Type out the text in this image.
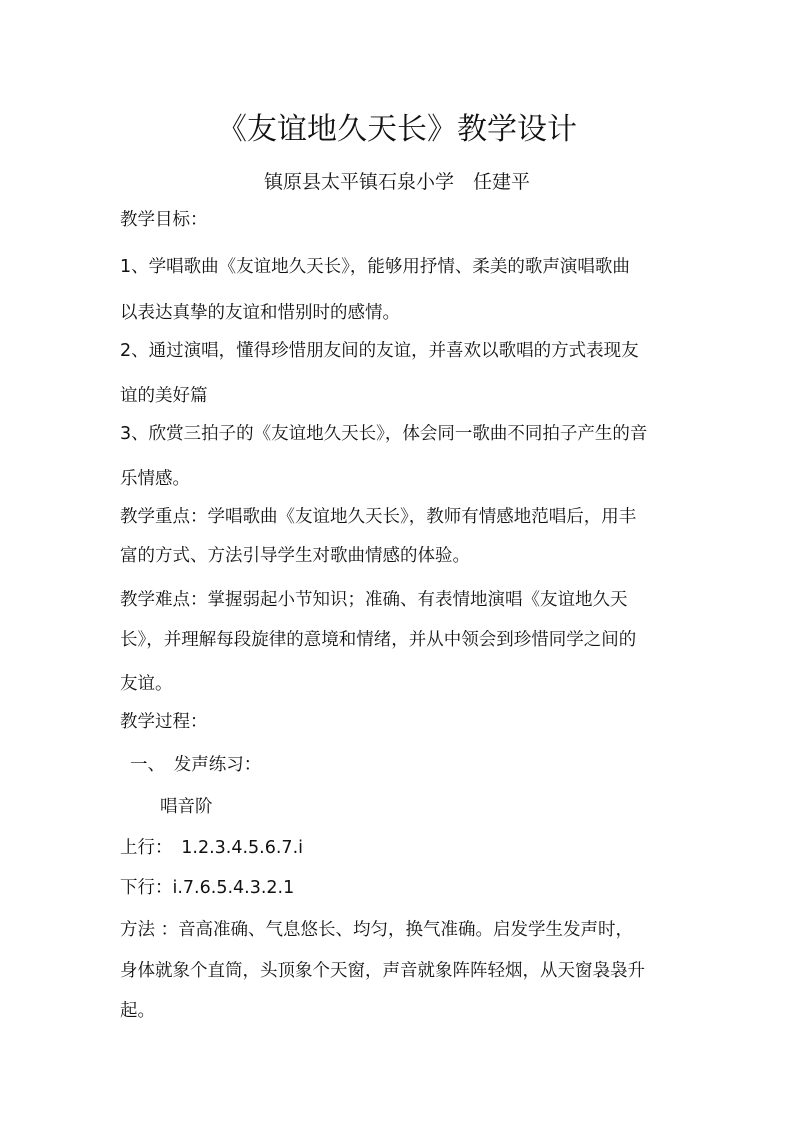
《友谊地久天长》教学设计
镇原县太平镇石泉小学　任建平
教学目标：
1、学唱歌曲《友谊地久天长》，能够用抒情、柔美的歌声演唱歌曲
以表达真挚的友谊和惜别时的感情。
2、通过演唱，懂得珍惜朋友间的友谊，并喜欢以歌唱的方式表现友
谊的美好篇
3、欣赏三拍子的《友谊地久天长》，体会同一歌曲不同拍子产生的音
乐情感。
教学重点：学唱歌曲《友谊地久天长》，教师有情感地范唱后，用丰
富的方式、方法引导学生对歌曲情感的体验。
教学难点：掌握弱起小节知识；准确、有表情地演唱《友谊地久天
长》，并理解每段旋律的意境和情绪，并从中领会到珍惜同学之间的
友谊。
教学过程：
一、　发声练习：
唱音阶
上行：　1.2.3.4.5.6.7.i
下行：i.7.6.5.4.3.2.1
方法 ：音高准确、气息悠长、均匀，换气准确。启发学生发声时，
身体就象个直筒，头顶象个天窗，声音就象阵阵轻烟，从天窗袅袅升
起。
